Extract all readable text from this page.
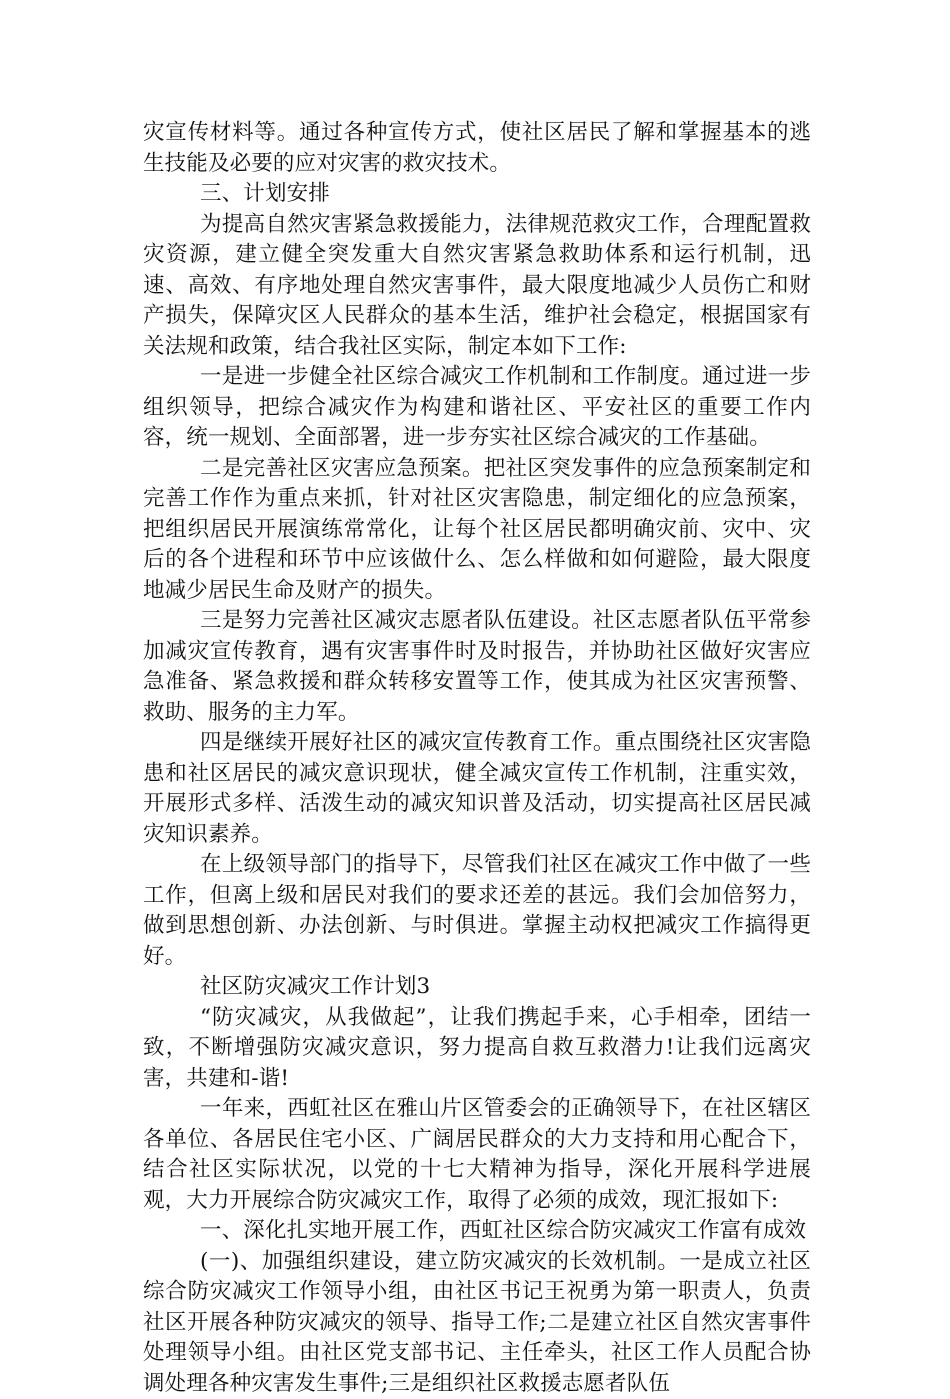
灾宣传材料等。通过各种宣传方式，使社区居民了解和掌握基本的逃生技能及必要的应对灾害的救灾技术。

三、计划安排

为提高自然灾害紧急救援能力，法律规范救灾工作，合理配置救灾资源，建立健全突发重大自然灾害紧急救助体系和运行机制，迅速、高效、有序地处理自然灾害事件，最大限度地减少人员伤亡和财产损失，保障灾区人民群众的基本生活，维护社会稳定，根据国家有关法规和政策，结合我社区实际，制定本如下工作:

一是进一步健全社区综合减灾工作机制和工作制度。通过进一步组织领导，把综合减灾作为构建和谐社区、平安社区的重要工作内容，统一规划、全面部署，进一步夯实社区综合减灾的工作基础。

二是完善社区灾害应急预案。把社区突发事件的应急预案制定和完善工作作为重点来抓，针对社区灾害隐患，制定细化的应急预案，把组织居民开展演练常常化，让每个社区居民都明确灾前、灾中、灾后的各个进程和环节中应该做什么、怎么样做和如何避险，最大限度地减少居民生命及财产的损失。

三是努力完善社区减灾志愿者队伍建设。社区志愿者队伍平常参加减灾宣传教育，遇有灾害事件时及时报告，并协助社区做好灾害应急准备、紧急救援和群众转移安置等工作，使其成为社区灾害预警、救助、服务的主力军。

四是继续开展好社区的减灾宣传教育工作。重点围绕社区灾害隐患和社区居民的减灾意识现状，健全减灾宣传工作机制，注重实效，开展形式多样、活泼生动的减灾知识普及活动，切实提高社区居民减灾知识素养。

在上级领导部门的指导下，尽管我们社区在减灾工作中做了一些工作，但离上级和居民对我们的要求还差的甚远。我们会加倍努力，做到思想创新、办法创新、与时俱进。掌握主动权把减灾工作搞得更好。

社区防灾减灾工作计划3

“防灾减灾，从我做起”，让我们携起手来，心手相牵，团结一致，不断增强防灾减灾意识，努力提高自救互救潜力!让我们远离灾害，共建和-谐!

一年来，西虹社区在雅山片区管委会的正确领导下，在社区辖区各单位、各居民住宅小区、广阔居民群众的大力支持和用心配合下，结合社区实际状况，以党的十七大精神为指导，深化开展科学进展观，大力开展综合防灾减灾工作，取得了必须的成效，现汇报如下:

一、深化扎实地开展工作，西虹社区综合防灾减灾工作富有成效

(一)、加强组织建设，建立防灾减灾的长效机制。一是成立社区综合防灾减灾工作领导小组，由社区书记王祝勇为第一职责人，负责社区开展各种防灾减灾的领导、指导工作;二是建立社区自然灾害事件处理领导小组。由社区党支部书记、主任牵头，社区工作人员配合协调处理各种灾害发生事件;三是组织社区救援志愿者队伍
